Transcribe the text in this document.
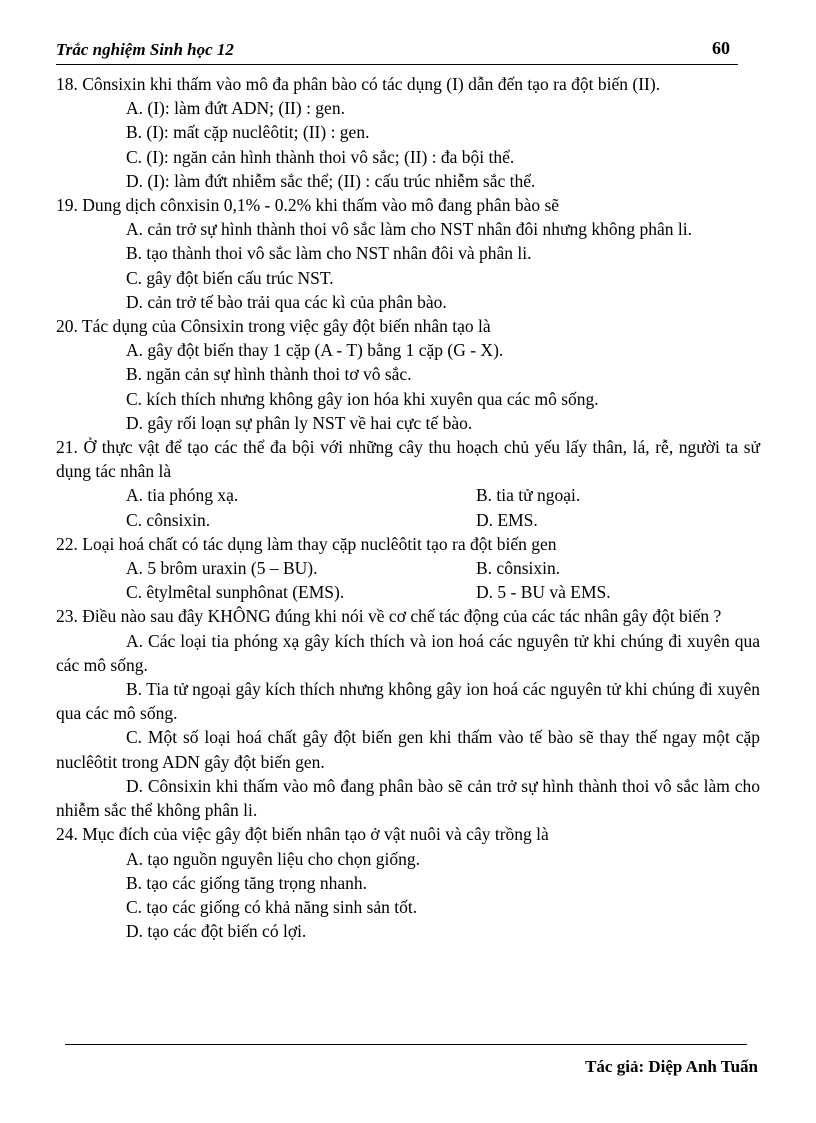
Trắc nghiệm Sinh học 12	60

18. Cônsixin khi thấm vào mô đa phân bào có tác dụng (I) dẫn đến tạo ra đột biến (II).

A. (I): làm đứt ADN; (II) : gen.

B. (I): mất cặp nuclêôtit; (II) : gen.

C. (I): ngăn cản hình thành thoi vô sắc; (II) : đa bội thể.

D. (I): làm đứt nhiễm sắc thể; (II) : cấu trúc nhiễm sắc thể.

19. Dung dịch cônxisin 0,1% - 0.2% khi thấm vào mô đang phân bào sẽ

A. cản trở sự hình thành thoi vô sắc làm cho NST nhân đôi nhưng không phân li.

B. tạo thành thoi vô sắc làm cho NST nhân đôi và phân li.

C. gây đột biến cấu trúc NST.

D. cản trở tế bào trải qua các kì của phân bào.

20. Tác dụng của Cônsixin trong việc gây đột biến nhân tạo là

A. gây đột biến thay 1 cặp (A - T) bằng 1 cặp (G - X).

B. ngăn cản sự hình thành thoi tơ vô sắc.

C. kích thích nhưng không gây ion hóa khi xuyên qua các mô sống.

D. gây rối loạn sự phân ly NST về hai cực tế bào.

21. Ở thực vật để tạo các thể đa bội với những cây thu hoạch chủ yếu lấy thân, lá, rễ, người ta sử dụng tác nhân là

A. tia phóng xạ.	B. tia tử ngoại.
C. cônsixin.	D. EMS.

22. Loại hoá chất có tác dụng làm thay cặp nuclêôtit tạo ra đột biến gen

A. 5 brôm uraxin (5 – BU).	B. cônsixin.
C. êtylmêtal sunphônat (EMS).	D. 5 - BU và EMS.

23. Điều nào sau đây KHÔNG đúng khi nói về cơ chế tác động của các tác nhân gây đột biến ?

A. Các loại tia phóng xạ gây kích thích và ion hoá các nguyên tử khi chúng đi xuyên qua các mô sống.

B. Tia tử ngoại gây kích thích nhưng không gây ion hoá các nguyên tử khi chúng đi xuyên qua các mô sống.

C. Một số loại hoá chất gây đột biến gen khi thấm vào tế bào sẽ thay thế ngay một cặp nuclêôtit trong ADN gây đột biến gen.

D. Cônsixin khi thấm vào mô đang phân bào sẽ cản trở sự hình thành thoi vô sắc làm cho nhiễm sắc thể không phân li.

24. Mục đích của việc gây đột biến nhân tạo ở vật nuôi và cây trồng là

A. tạo nguồn nguyên liệu cho chọn giống.

B. tạo các giống tăng trọng nhanh.

C. tạo các giống có khả năng sinh sản tốt.

D. tạo các đột biến có lợi.

Tác giả: Diệp Anh Tuấn
